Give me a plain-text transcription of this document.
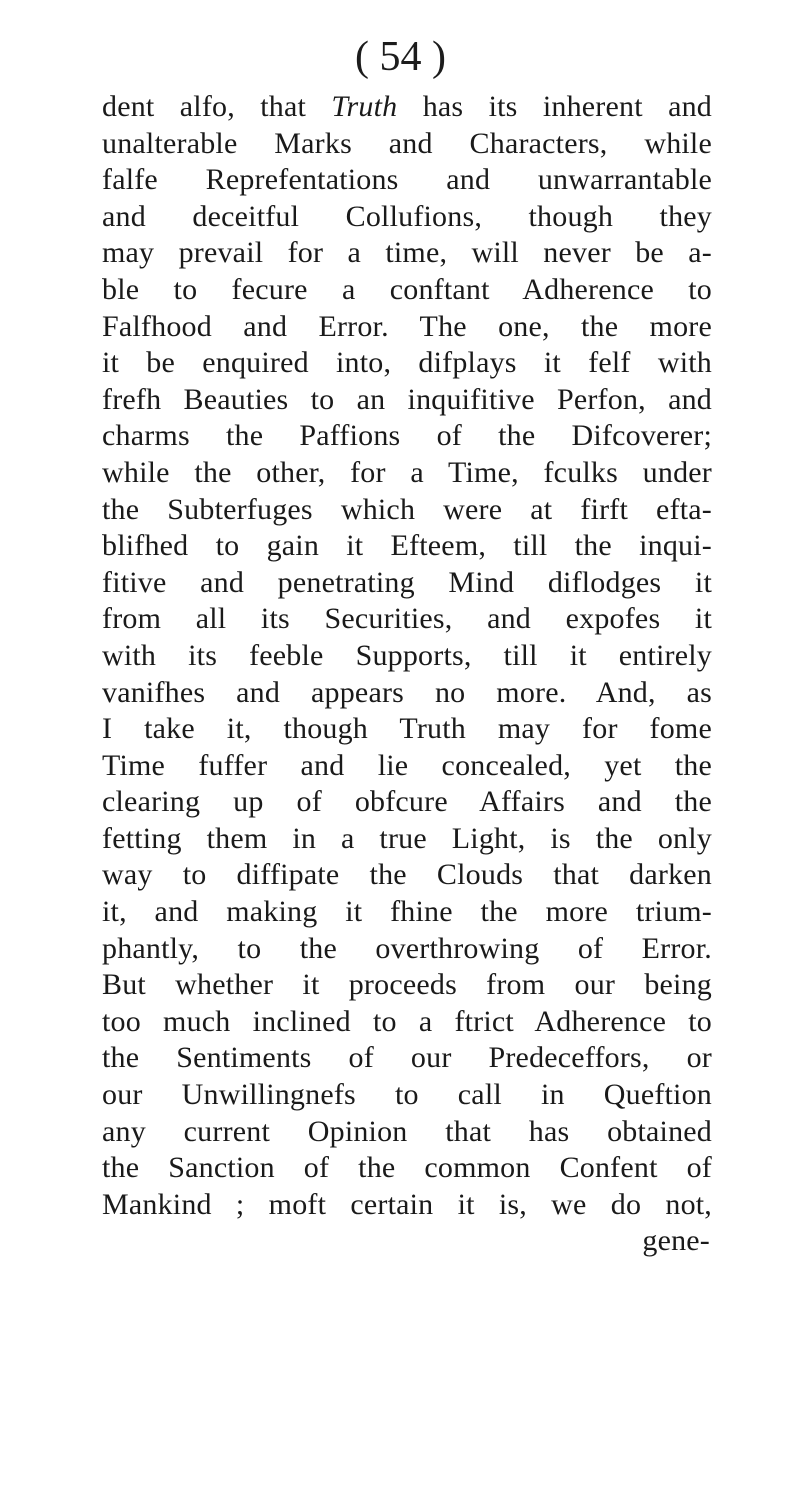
( 54 )
dent alfo, that Truth has its inherent and
unalterable Marks and Charaсters, while
falfe Reprefentations and unwarrantable
and deceitful Collufions, though they
may prevail for a time, will never be a-
ble to fecure a conftant Adherence to
Falfhood and Error. The one, the more
it be enquired into, difplays it felf with
frefh Beauties to an inquifitive Perfon, and
charms the Paffions of the Difcoverer;
while the other, for a Time, fculks under
the Subterfuges which were at firft efta-
blifhed to gain it Efteem, till the inqui-
fitive and penetrating Mind diflodges it
from all its Securities, and expofes it
with its feeble Supports, till it entirely
vanifhes and appears no more. And, as
I take it, though Truth may for fome
Time fuffer and lie concealed, yet the
clearing up of obfcure Affairs and the
fetting them in a true Light, is the only
way to diffipate the Clouds that darken
it, and making it fhine the more trium-
phantly, to the overthrowing of Error.
But whether it proceeds from our being
too much inclined to a ftrict Adherence to
the Sentiments of our Predeceffors, or
our Unwillingnefs to call in Queftion
any current Opinion that has obtained
the Sanction of the common Confent of
Mankind ; moft certain it is, we do not,
gene-
